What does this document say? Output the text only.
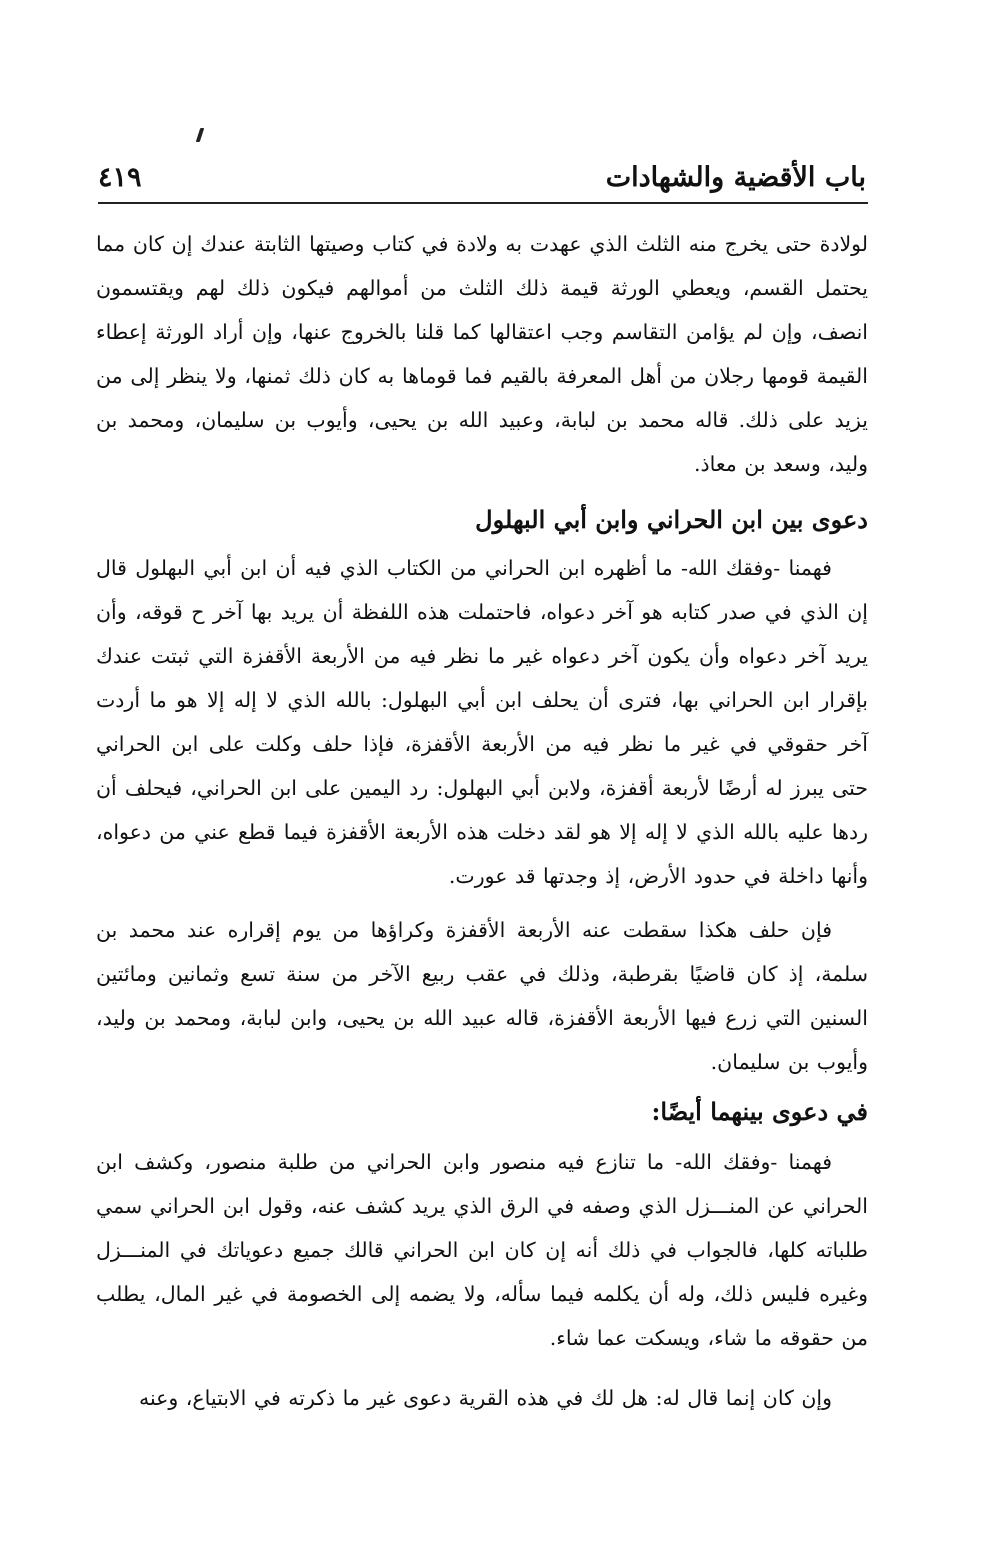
باب الأقضية والشهادات
٤١٩

لولادة حتى يخرج منه الثلث الذي عهدت به ولادة في كتاب وصيتها الثابتة عندك إن كان مما يحتمل القسم، ويعطي الورثة قيمة ذلك الثلث من أموالهم فيكون ذلك لهم ويقتسمون انصف، وإن لم يؤامن التقاسم وجب اعتقالها كما قلنا بالخروج عنها، وإن أراد الورثة إعطاء القيمة قومها رجلان من أهل المعرفة بالقيم فما قوماها به كان ذلك ثمنها، ولا ينظر إلى من يزيد على ذلك. قاله محمد بن لبابة، وعبيد الله بن يحيى، وأيوب بن سليمان، ومحمد بن وليد، وسعد بن معاذ.

دعوى بين ابن الحراني وابن أبي البهلول

فهمنا -وفقك الله- ما أظهره ابن الحراني من الكتاب الذي فيه أن ابن أبي البهلول قال إن الذي في صدر كتابه هو آخر دعواه، فاحتملت هذه اللفظة أن يريد بها آخر ح قوقه، وأن يريد آخر دعواه وأن يكون آخر دعواه غير ما نظر فيه من الأربعة الأقفزة التي ثبتت عندك بإقرار ابن الحراني بها، فترى أن يحلف ابن أبي البهلول: بالله الذي لا إله إلا هو ما أردت آخر حقوقي في غير ما نظر فيه من الأربعة الأقفزة، فإذا حلف وكلت على ابن الحراني حتى يبرز له أرضًا لأربعة أقفزة، ولابن أبي البهلول: رد اليمين على ابن الحراني، فيحلف أن ردها عليه بالله الذي لا إله إلا هو لقد دخلت هذه الأربعة الأقفزة فيما قطع عني من دعواه، وأنها داخلة في حدود الأرض، إذ وجدتها قد عورت.

فإن حلف هكذا سقطت عنه الأربعة الأقفزة وكراؤها من يوم إقراره عند محمد بن سلمة، إذ كان قاضيًا بقرطبة، وذلك في عقب ربيع الآخر من سنة تسع وثمانين ومائتين السنين التي زرع فيها الأربعة الأقفزة، قاله عبيد الله بن يحيى، وابن لبابة، ومحمد بن وليد، وأيوب بن سليمان.

في دعوى بينهما أيضًا:

فهمنا -وفقك الله- ما تنازع فيه منصور وابن الحراني من طلبة منصور، وكشف ابن الحراني عن المنـــزل الذي وصفه في الرق الذي يريد كشف عنه، وقول ابن الحراني سمي طلباته كلها، فالجواب في ذلك أنه إن كان ابن الحراني قالك جميع دعوياتك في المنـــزل وغيره فليس ذلك، وله أن يكلمه فيما سأله، ولا يضمه إلى الخصومة في غير المال، يطلب من حقوقه ما شاء، ويسكت عما شاء.

وإن كان إنما قال له: هل لك في هذه القرية دعوى غير ما ذكرته في الابتياع، وعنه
